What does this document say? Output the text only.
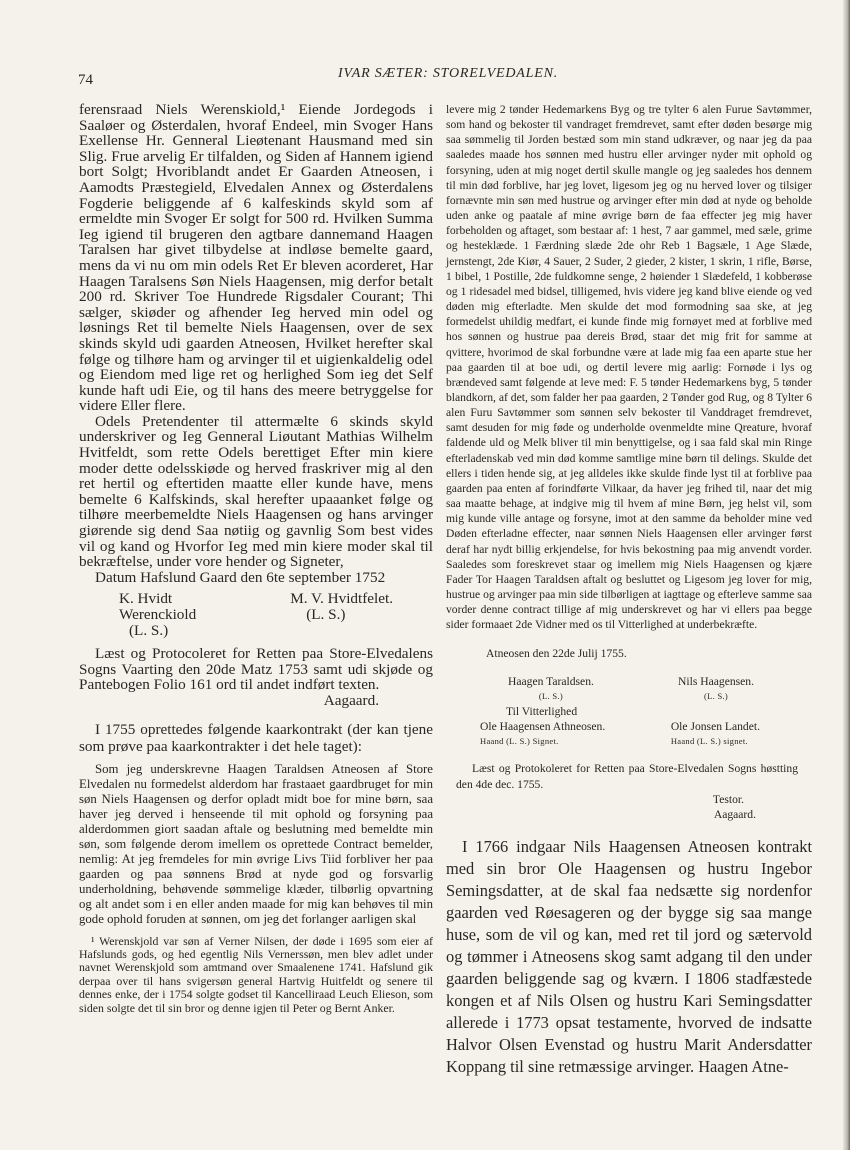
74	IVAR SÆTER: STORELVEDALEN.

ferensraad Niels Werenskiold,¹ Eiende Jordegods i Saaløer og Østerdalen, hvoraf Endeel, min Svoger Hans Exellense Hr. Genneral Lieøtenant Hausmand med sin Slig. Frue arvelig Er tilfalden, og Siden af Hannem igiend bort Solgt; Hvoriblandt andet Er Gaarden Atneosen, i Aamodts Præstegield, Elvedalen Annex og Østerdalens Fogderie beliggende af 6 kalfeskinds skyld som af ermeldte min Svoger Er solgt for 500 rd. Hvilken Summa Ieg igiend til brugeren den agtbare dannemand Haagen Taralsen har givet tilbydelse at indløse bemelte gaard, mens da vi nu om min odels Ret Er bleven acorderet, Har Haagen Taralsens Søn Niels Haagensen, mig derfor betalt 200 rd. Skriver Toe Hundrede Rigsdaler Courant; Thi sælger, skiøder og afhender Ieg herved min odel og løsnings Ret til bemelte Niels Haagensen, over de sex skinds skyld udi gaarden Atneosen, Hvilket herefter skal følge og tilhøre ham og arvinger til et uigienkaldelig odel og Eiendom med lige ret og herlighed Som ieg det Self kunde haft udi Eie, og til hans des meere betryggelse for videre Eller flere.

Odels Pretendenter til attermælte 6 skinds skyld underskriver og Ieg Genneral Liøutant Mathias Wilhelm Hvitfeldt, som rette Odels berettiget Efter min kiere moder dette odelsskiøde og herved fraskriver mig al den ret hertil og eftertiden maatte eller kunde have, mens bemelte 6 Kalfskinds, skal herefter upaaanket følge og tilhøre meerbemeldte Niels Haagensen og hans arvinger giørende sig dend Saa nøtiig og gavnlig Som best vides vil og kand og Hvorfor Ieg med min kiere moder skal til bekræftelse, under vore hender og Signeter,

Datum Hafslund Gaard den 6te september 1752

K. Hvidt
Werenckiold
(L. S.)
M. V. Hvidtfelet.
(L. S.)

Læst og Protocoleret for Retten paa Store-Elvedalens Sogns Vaarting den 20de Matz 1753 samt udi skjøde og Pantebogen Folio 161 ord til andet indført texten.

Aagaard.

I 1755 oprettedes følgende kaarkontrakt (der kan tjene som prøve paa kaarkontrakter i det hele taget):

Som jeg underskrevne Haagen Taraldsen Atneosen af Store Elvedalen nu formedelst alderdom har frastaaet gaardbruget for min søn Niels Haagensen og derfor opladt midt boe for mine børn, saa haver jeg derved i henseende til mit ophold og forsyning paa alderdommen giort saadan aftale og beslutning med bemeldte min søn, som følgende derom imellem os oprettede Contract bemelder, nemlig: At jeg fremdeles for min øvrige Livs Tiid forbliver her paa gaarden og paa sønnens Brød at nyde god og forsvarlig underholdning, behøvende sømmelige klæder, tilbørlig opvartning og alt andet som i en eller anden maade for mig kan behøves til min gode ophold foruden at sønnen, om jeg det forlanger aarligen skal

¹ Werenskjold var søn af Verner Nilsen, der døde i 1695 som eier af Hafslunds gods, og hed egentlig Nils Vernerssøn, men blev adlet under navnet Werenskjold som amtmand over Smaalenene 1741. Hafslund gik derpaa over til hans svigersøn general Hartvig Huitfeldt og senere til dennes enke, der i 1754 solgte godset til Kancelliraad Leuch Elieson, som siden solgte det til sin bror og denne igjen til Peter og Bernt Anker.

levere mig 2 tønder Hedemarkens Byg og tre tylter 6 alen Furue Savtømmer, som hand og bekoster til vandraget fremdrevet, samt efter døden besørge mig saa sømmelig til Jorden bestæd som min stand udkræver, og naar jeg da paa saaledes maade hos sønnen med hustru eller arvinger nyder mit ophold og forsyning, uden at mig noget dertil skulle mangle og jeg saaledes hos dennem til min død forblive, har jeg lovet, ligesom jeg og nu herved lover og tilsiger fornævnte min søn med hustrue og arvinger efter min død at nyde og beholde uden anke og paatale af mine øvrige børn de faa effecter jeg mig haver forbeholden og aftaget, som bestaar af: 1 hest, 7 aar gammel, med sæle, grime og hesteklæde. 1 Færdning slæde 2de ohr Reb 1 Bagsæle, 1 Age Slæde, jernstengt, 2de Kiør, 4 Sauer, 2 Suder, 2 gieder, 2 kister, 1 skrin, 1 rifle, Børse, 1 bibel, 1 Postille, 2de fuldkomne senge, 2 høiender 1 Slædefeld, 1 kobberøse og 1 ridesadel med bidsel, tilligemed, hvis videre jeg kand blive eiende og ved døden mig efterladte. Men skulde det mod formodning saa ske, at jeg formedelst uhildig medfart, ei kunde finde mig fornøyet med at forblive med hos sønnen og hustrue paa dereis Brød, staar det mig frit for samme at qvittere, hvorimod de skal forbundne være at lade mig faa een aparte stue her paa gaarden til at boe udi, og dertil levere mig aarlig: Fornøde i lys og brændeved samt følgende at leve med: F. 5 tønder Hedemarkens byg, 5 tønder blandkorn, af det, som falder her paa gaarden, 2 Tønder god Rug, og 8 Tylter 6 alen Furu Savtømmer som sønnen selv bekoster til Vanddraget fremdrevet, samt desuden for mig føde og underholde ovenmeldte mine Qreature, hvoraf faldende uld og Melk bliver til min benyttigelse, og i saa fald skal min Ringe efterladenskab ved min død komme samtlige mine børn til delings. Skulde det ellers i tiden hende sig, at jeg alldeles ikke skulde finde lyst til at forblive paa gaarden paa enten af forindførte Vilkaar, da haver jeg frihed til, naar det mig saa maatte behage, at indgive mig til hvem af mine Børn, jeg helst vil, som mig kunde ville antage og forsyne, imot at den samme da beholder mine ved Døden efterladne effecter, naar sønnen Niels Haagensen eller arvinger først deraf har nydt billig erkjendelse, for hvis bekostning paa mig anvendt vorder. Saaledes som foreskrevet staar og imellem mig Niels Haagensen og kjære Fader Tor Haagen Taraldsen aftalt og besluttet og Ligesom jeg lover for mig, hustrue og arvinger paa min side tilbørligen at iagttage og efterleve samme saa vorder denne contract tillige af mig underskrevet og har vi ellers paa begge sider formaaet 2de Vidner med os til Vitterlighed at underbekræfte.

Atneosen den 22de Julij 1755.

Haagen Taraldsen.
(L. S.)
Nils Haagensen.
(L. S.)

Til Vitterlighed

Ole Haagensen Athneosen.
Haand (L. S.) Signet.
Ole Jonsen Landet.
Haand (L. S.) signet.

Læst og Protokoleret for Retten paa Store-Elvedalen Sogns høstting den 4de dec. 1755.

Testor.

Aagaard.

I 1766 indgaar Nils Haagensen Atneosen kontrakt med sin bror Ole Haagensen og hustru Ingebor Semingsdatter, at de skal faa nedsætte sig nordenfor gaarden ved Røesageren og der bygge sig saa mange huse, som de vil og kan, med ret til jord og sætervold og tømmer i Atneosens skog samt adgang til den under gaarden beliggende sag og kværn. I 1806 stadfæstede kongen et af Nils Olsen og hustru Kari Semingsdatter allerede i 1773 opsat testamente, hvorved de indsatte Halvor Olsen Evenstad og hustru Marit Andersdatter Koppang til sine retmæssige arvinger. Haagen Atne-
